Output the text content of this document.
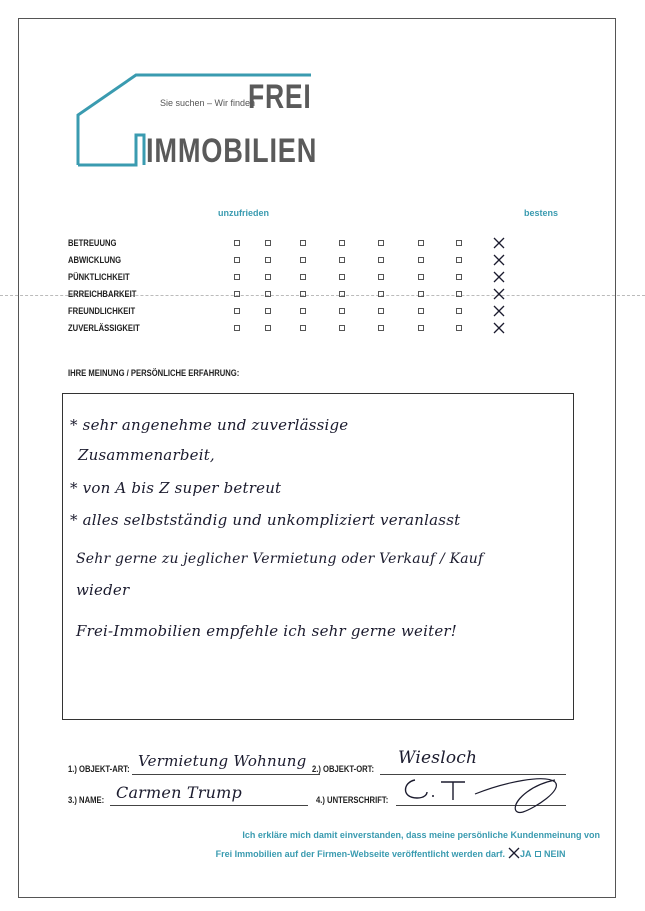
Sie suchen – Wir finden
FREI
IMMOBILIEN
unzufrieden	bestens
BETREUUNG
ABWICKLUNG
PÜNKTLICHKEIT
ERREICHBARKEIT
FREUNDLICHKEIT
ZUVERLÄSSIGKEIT
IHRE MEINUNG / PERSÖNLICHE ERFAHRUNG:
* sehr angenehme und zuverlässige
Zusammenarbeit,
* von A bis Z super betreut
* alles selbstständig und unkompliziert veranlasst
Sehr gerne zu jeglicher Vermietung oder Verkauf / Kauf
wieder
Frei-Immobilien empfehle ich sehr gerne weiter!
1.) OBJEKT-ART: Vermietung Wohnung 2.) OBJEKT-ORT:
Wiesloch
3.) NAME: Carmen Trump	4.) UNTERSCHRIFT:
Ich erkläre mich damit einverstanden, dass meine persönliche Kundenmeinung von
Frei Immobilien auf der Firmen-Webseite veröffentlicht werden darf. JA NEIN
